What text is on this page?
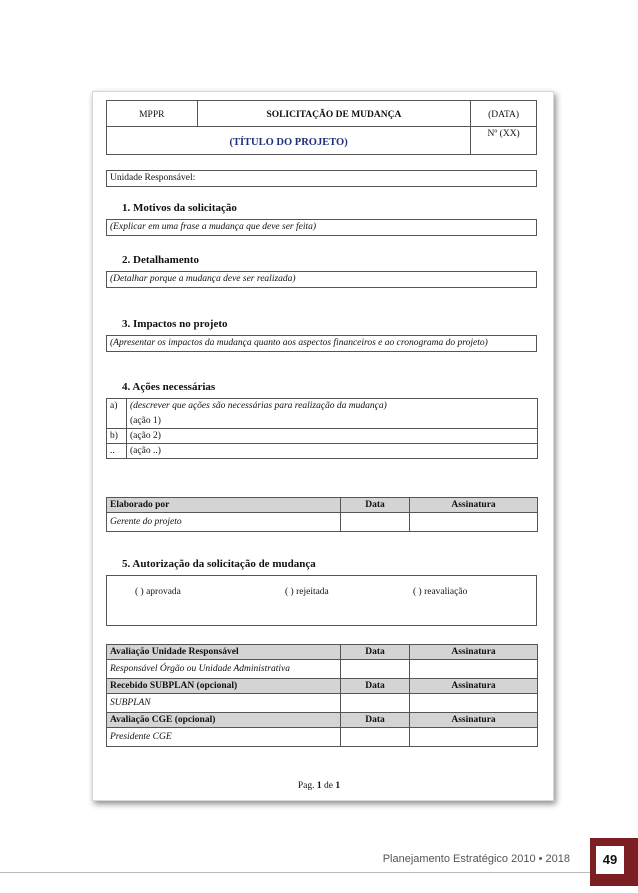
MPPR	SOLICITAÇÃO DE MUDANÇA	(DATA)
(TÍTULO DO PROJETO)		Nº (XX)
Unidade Responsável:
1. Motivos da solicitação
(Explicar em uma frase a mudança que deve ser feita)
2. Detalhamento
(Detalhar porque a mudança deve ser realizada)
3. Impactos no projeto
(Apresentar os impactos da mudança quanto aos aspectos financeiros e ao cronograma do projeto)
4. Ações necessárias
a)	(descrever que ações são necessárias para realização da mudança)
	(ação 1)
b)	(ação 2)
..	(ação ..)
Elaborado por	Data	Assinatura
Gerente do projeto		
5. Autorização da solicitação de mudança
( ) aprovada	( ) rejeitada	( ) reavaliação
Avaliação Unidade Responsável	Data	Assinatura
Responsável Órgão ou Unidade Administrativa		
Recebido SUBPLAN (opcional)	Data	Assinatura
SUBPLAN		
Avaliação CGE (opcional)	Data	Assinatura
Presidente CGE		
Pag. 1 de 1
Planejamento Estratégico 2010 • 2018	49
